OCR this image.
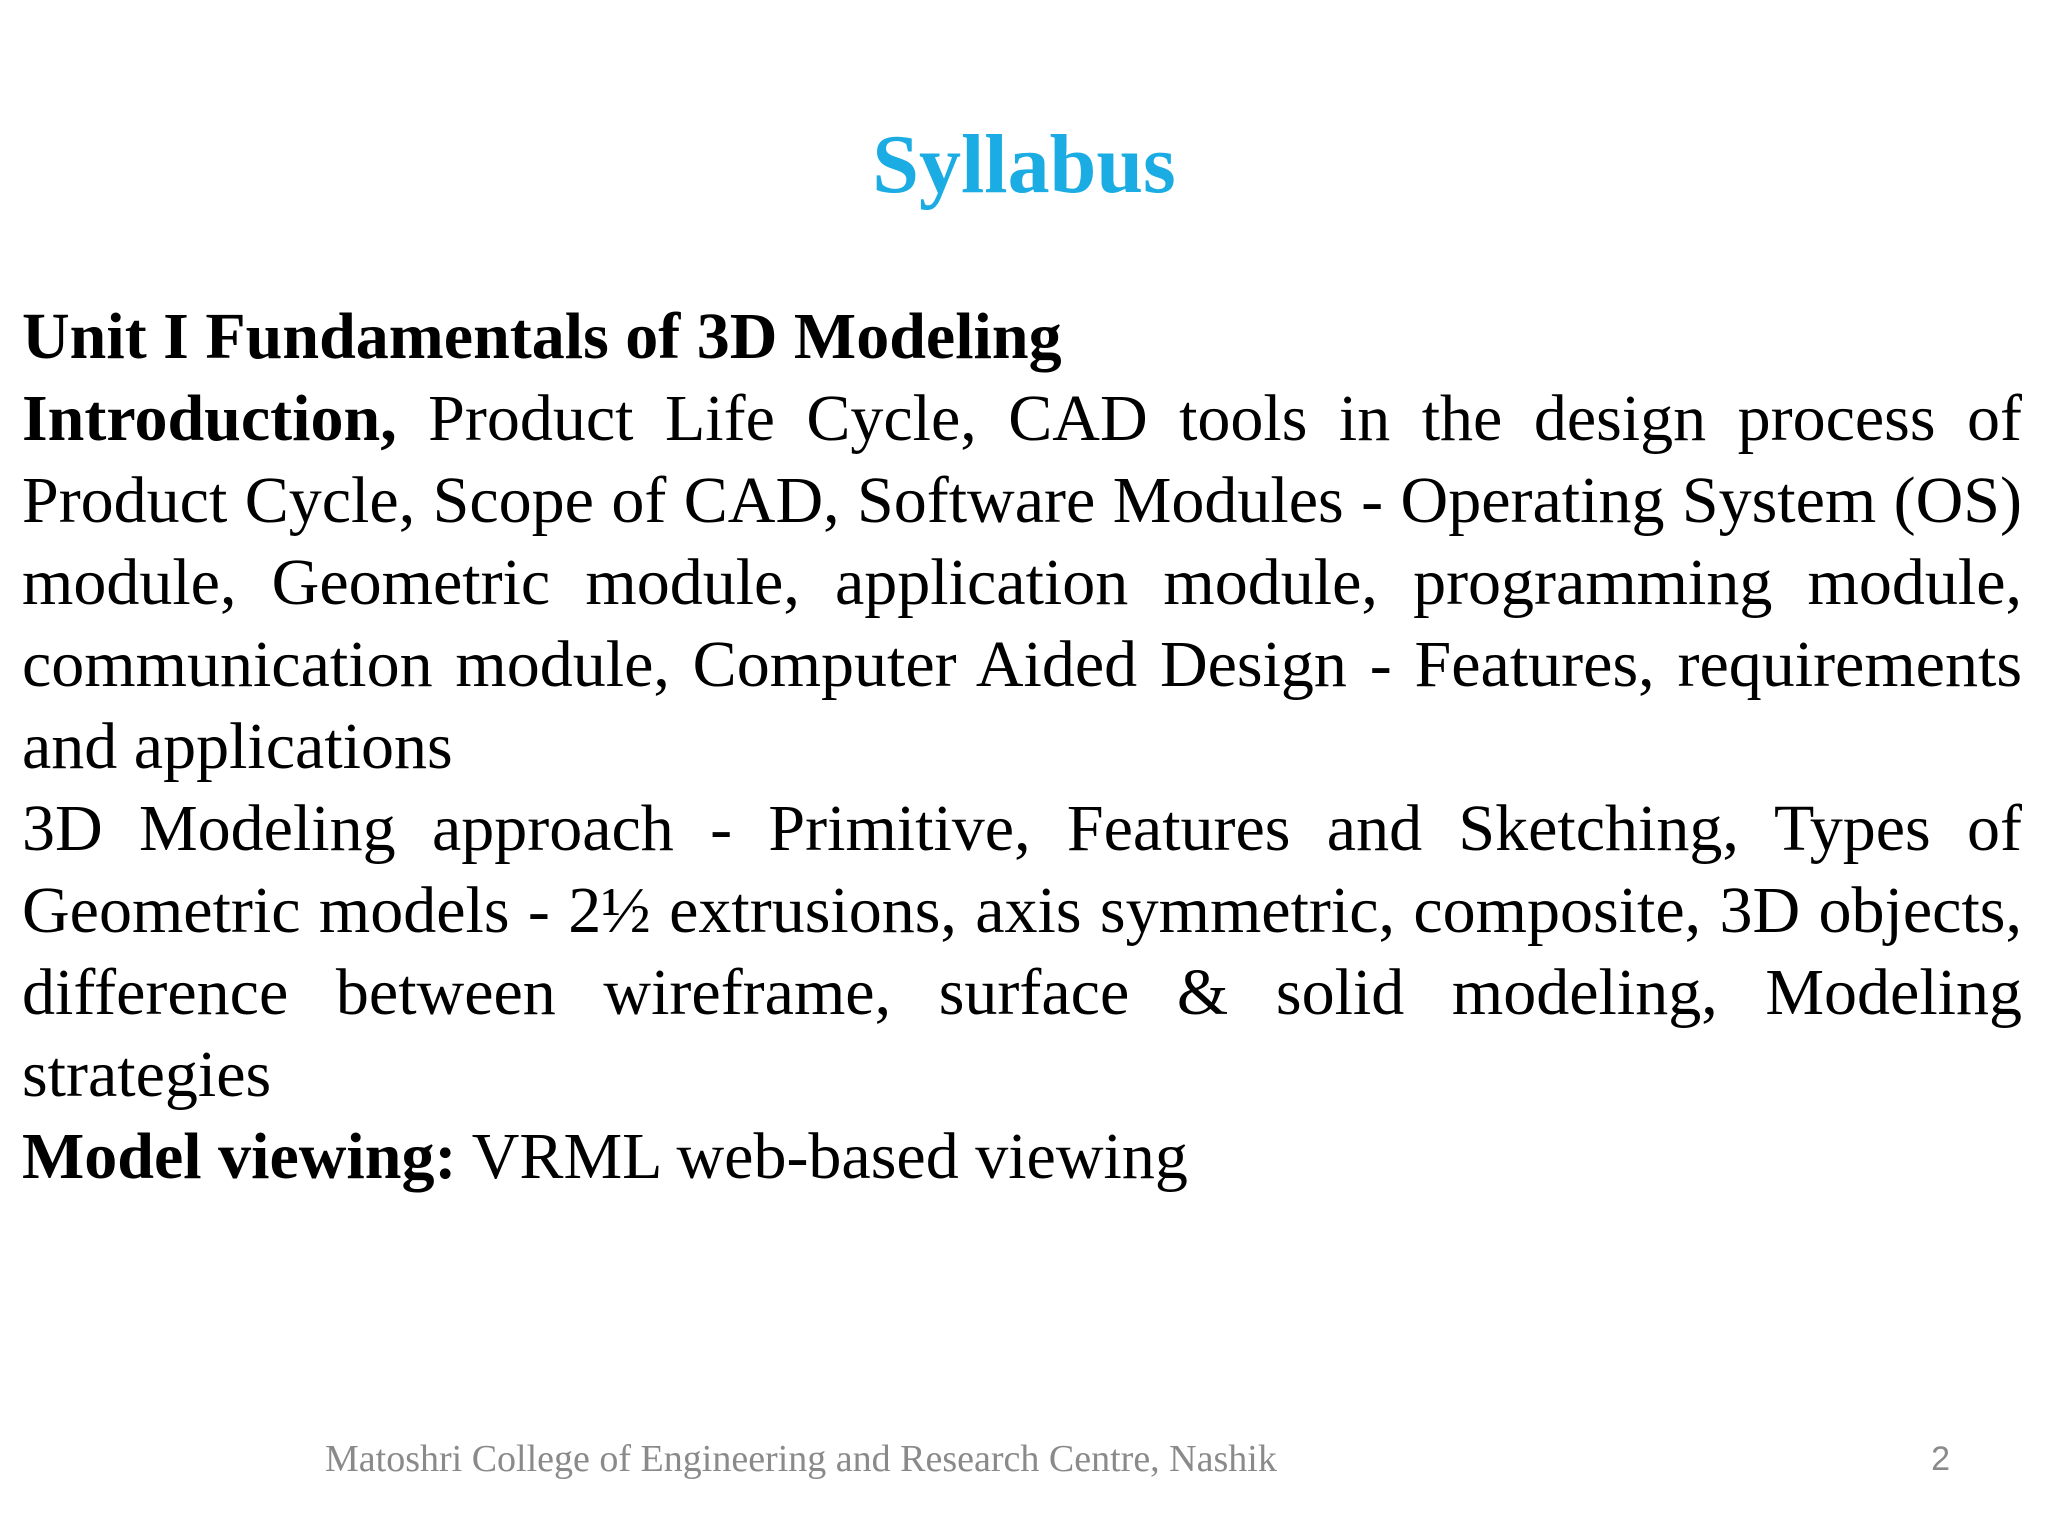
Syllabus

Unit I Fundamentals of 3D Modeling

Introduction, Product Life Cycle, CAD tools in the design process of Product Cycle, Scope of CAD, Software Modules - Operating System (OS) module, Geometric module, application module, programming module, communication module, Computer Aided Design - Features, requirements and applications

3D Modeling approach - Primitive, Features and Sketching, Types of Geometric models - 2½ extrusions, axis symmetric, composite, 3D objects, difference between wireframe, surface & solid modeling, Modeling strategies

Model viewing: VRML web-based viewing

Matoshri College of Engineering and Research Centre, Nashik	2
